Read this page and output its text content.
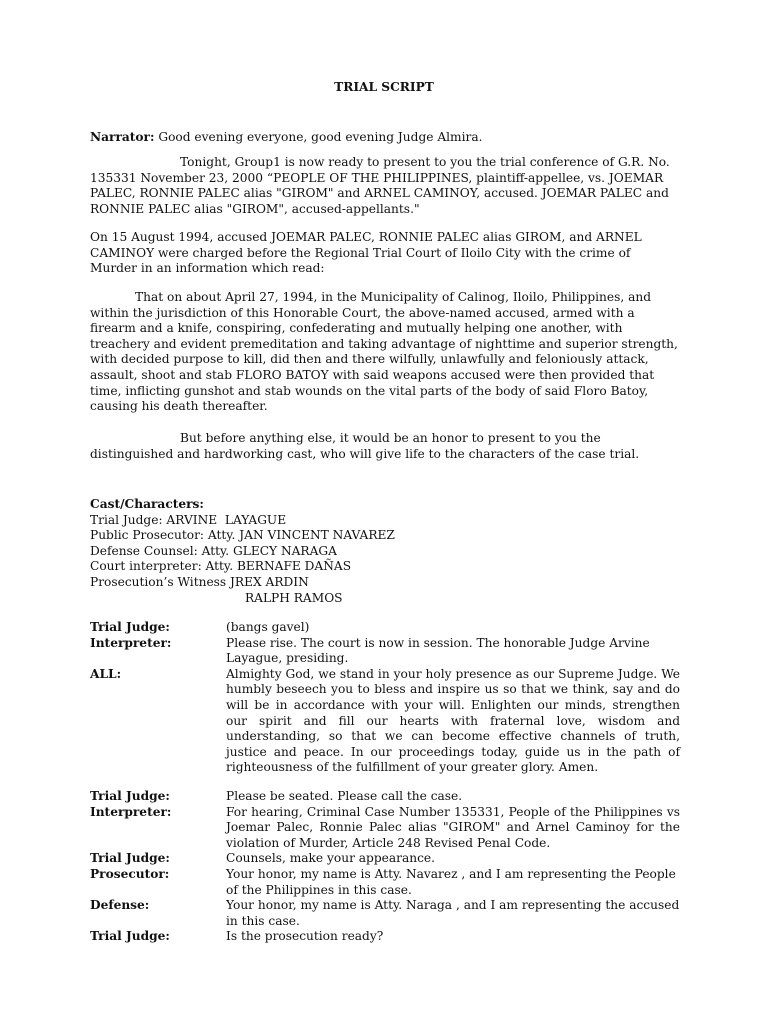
TRIAL SCRIPT

Narrator: Good evening everyone, good evening Judge Almira.

Tonight, Group1 is now ready to present to you the trial conference of G.R. No. 135331 November 23, 2000 “PEOPLE OF THE PHILIPPINES, plaintiff-appellee, vs. JOEMAR PALEC, RONNIE PALEC alias "GIROM" and ARNEL CAMINOY, accused. JOEMAR PALEC and RONNIE PALEC alias "GIROM", accused-appellants."

On 15 August 1994, accused JOEMAR PALEC, RONNIE PALEC alias GIROM, and ARNEL CAMINOY were charged before the Regional Trial Court of Iloilo City with the crime of Murder in an information which read:

That on about April 27, 1994, in the Municipality of Calinog, Iloilo, Philippines, and within the jurisdiction of this Honorable Court, the above-named accused, armed with a firearm and a knife, conspiring, confederating and mutually helping one another, with treachery and evident premeditation and taking advantage of nighttime and superior strength, with decided purpose to kill, did then and there wilfully, unlawfully and feloniously attack, assault, shoot and stab FLORO BATOY with said weapons accused were then provided that time, inflicting gunshot and stab wounds on the vital parts of the body of said Floro Batoy, causing his death thereafter.

But before anything else, it would be an honor to present to you the distinguished and hardworking cast, who will give life to the characters of the case trial.

Cast/Characters:
Trial Judge: ARVINE  LAYAGUE
Public Prosecutor: Atty. JAN VINCENT NAVAREZ
Defense Counsel: Atty. GLECY NARAGA
Court interpreter: Atty. BERNAFE DAÑAS
Prosecution’s Witness JREX ARDIN
RALPH RAMOS
Trial Judge:	(bangs gavel)
Interpreter:	Please rise. The court is now in session. The honorable Judge Arvine Layague, presiding.
ALL:	Almighty God, we stand in your holy presence as our Supreme Judge. We humbly beseech you to bless and inspire us so that we think, say and do will be in accordance with your will. Enlighten our minds, strengthen our spirit and fill our hearts with fraternal love, wisdom and understanding, so that we can become effective channels of truth, justice and peace. In our proceedings today, guide us in the path of righteousness of the fulfillment of your greater glory. Amen.
Trial Judge:	Please be seated. Please call the case.
Interpreter:	For hearing, Criminal Case Number 135331, People of the Philippines vs Joemar Palec, Ronnie Palec alias "GIROM" and Arnel Caminoy for the violation of Murder, Article 248 Revised Penal Code.
Trial Judge:	Counsels, make your appearance.
Prosecutor:	Your honor, my name is Atty. Navarez , and I am representing the People of the Philippines in this case.
Defense:	Your honor, my name is Atty. Naraga , and I am representing the accused in this case.
Trial Judge:	Is the prosecution ready?
